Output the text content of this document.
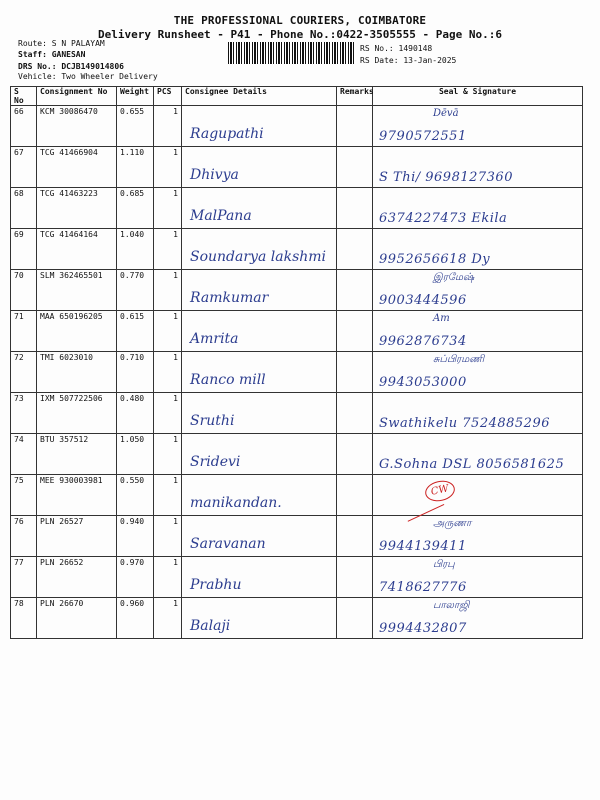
THE PROFESSIONAL COURIERS, COIMBATORE
Delivery Runsheet - P41 - Phone No.:0422-3505555 - Page No.:6
Route: S N PALAYAM
Staff: GANESAN
DRS No.: DCJB149014806
Vehicle: Two Wheeler Delivery
RS No.: 1490148
RS Date: 13-Jan-2025
S No	Consignment No	Weight	PCS	Consignee Details	Remarks	Seal & Signature
66	KCM 30086470	0.655	1	Ragupathi		Dēvā
9790572551

67	TCG 41466904	1.110	1	Dhivya		S Thi/ 9698127360

68	TCG 41463223	0.685	1	MalPana		6374227473 Ekila

69	TCG 41464164	1.040	1	Soundarya lakshmi		9952656618 Dy

70	SLM 362465501	0.770	1	Ramkumar		இரமேஷ்
9003444596

71	MAA 650196205	0.615	1	Amrita		Am
9962876734

72	TMI 6023010	0.710	1	Ranco mill		சுப்பிரமணி
9943053000

73	IXM 507722506	0.480	1	Sruthi		Swathikelu 7524885296

74	BTU 357512	1.050	1	Sridevi		G.Sohna DSL 8056581625

75	MEE 930003981	0.550	1	manikandan.		CW

76	PLN 26527	0.940	1	Saravanan		அருணா
9944139411

77	PLN 26652	0.970	1	Prabhu		பிரபு
7418627776

78	PLN 26670	0.960	1	Balaji		பாலாஜி
9994432807
